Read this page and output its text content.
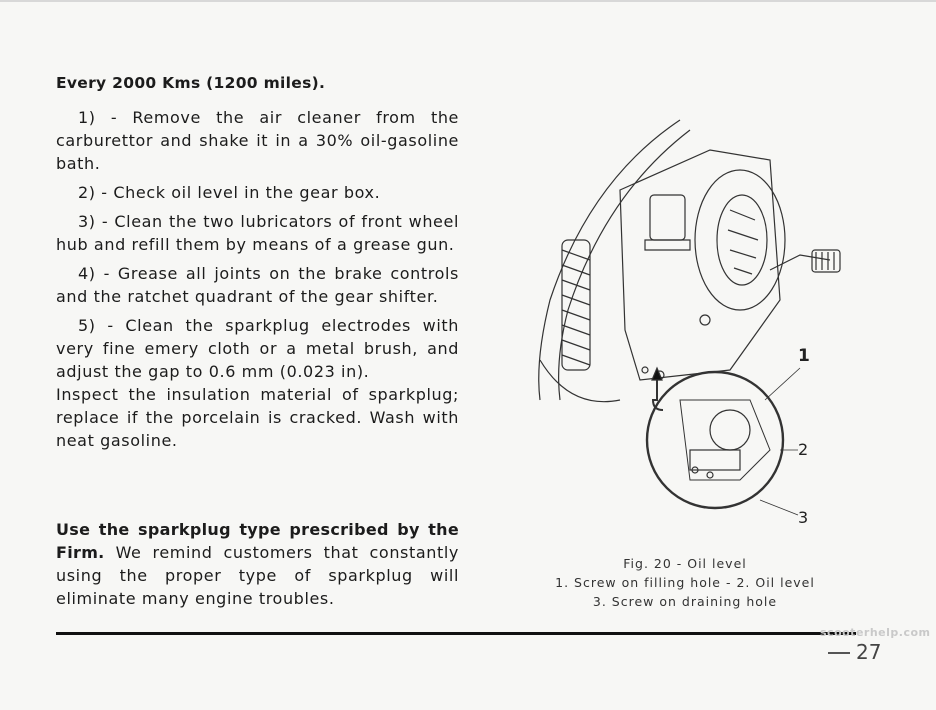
Every 2000 Kms (1200 miles).

1) - Remove the air cleaner from the carburettor and shake it in a 30% oil-gasoline bath.

2) - Check oil level in the gear box.

3) - Clean the two lubricators of front wheel hub and refill them by means of a grease gun.

4) - Grease all joints on the brake controls and the ratchet quadrant of the gear shifter.

5) - Clean the sparkplug electrodes with very fine emery cloth or a metal brush, and adjust the gap to 0.6 mm (0.023 in).

Inspect the insulation material of sparkplug; replace if the porcelain is cracked. Wash with neat gasoline.

Use the sparkplug type prescribed by the Firm. We remind customers that constantly using the proper type of sparkplug will eliminate many engine troubles.
1
2
3
Fig. 20 - Oil level
1. Screw on filling hole - 2. Oil level
3. Screw on draining hole
scooterhelp.com
27
